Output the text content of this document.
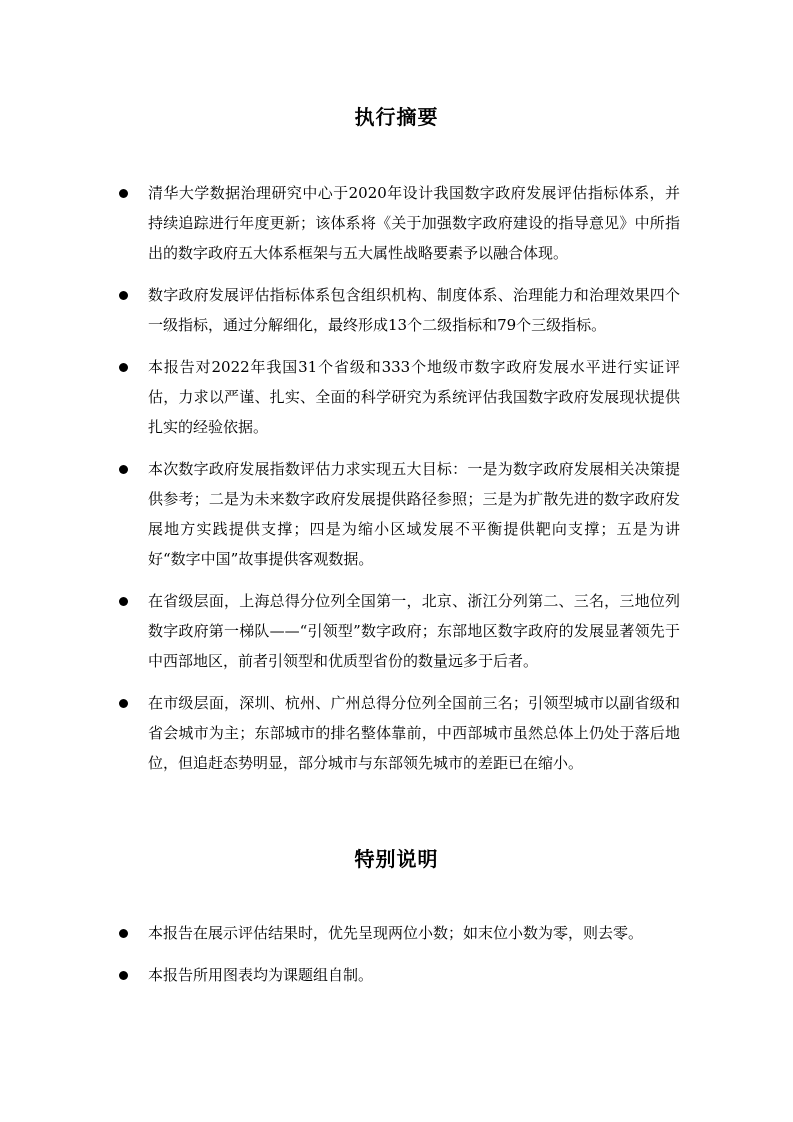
执行摘要
清华大学数据治理研究中心于2020年设计我国数字政府发展评估指标体系，并持续追踪进行年度更新；该体系将《关于加强数字政府建设的指导意见》中所指出的数字政府五大体系框架与五大属性战略要素予以融合体现。
数字政府发展评估指标体系包含组织机构、制度体系、治理能力和治理效果四个一级指标，通过分解细化，最终形成13个二级指标和79个三级指标。
本报告对2022年我国31个省级和333个地级市数字政府发展水平进行实证评估，力求以严谨、扎实、全面的科学研究为系统评估我国数字政府发展现状提供扎实的经验依据。
本次数字政府发展指数评估力求实现五大目标：一是为数字政府发展相关决策提供参考；二是为未来数字政府发展提供路径参照；三是为扩散先进的数字政府发展地方实践提供支撑；四是为缩小区域发展不平衡提供靶向支撑；五是为讲好“数字中国”故事提供客观数据。
在省级层面，上海总得分位列全国第一，北京、浙江分列第二、三名，三地位列数字政府第一梯队——“引领型”数字政府；东部地区数字政府的发展显著领先于中西部地区，前者引领型和优质型省份的数量远多于后者。
在市级层面，深圳、杭州、广州总得分位列全国前三名；引领型城市以副省级和省会城市为主；东部城市的排名整体靠前，中西部城市虽然总体上仍处于落后地位，但追赶态势明显，部分城市与东部领先城市的差距已在缩小。
特别说明
本报告在展示评估结果时，优先呈现两位小数；如末位小数为零，则去零。
本报告所用图表均为课题组自制。
